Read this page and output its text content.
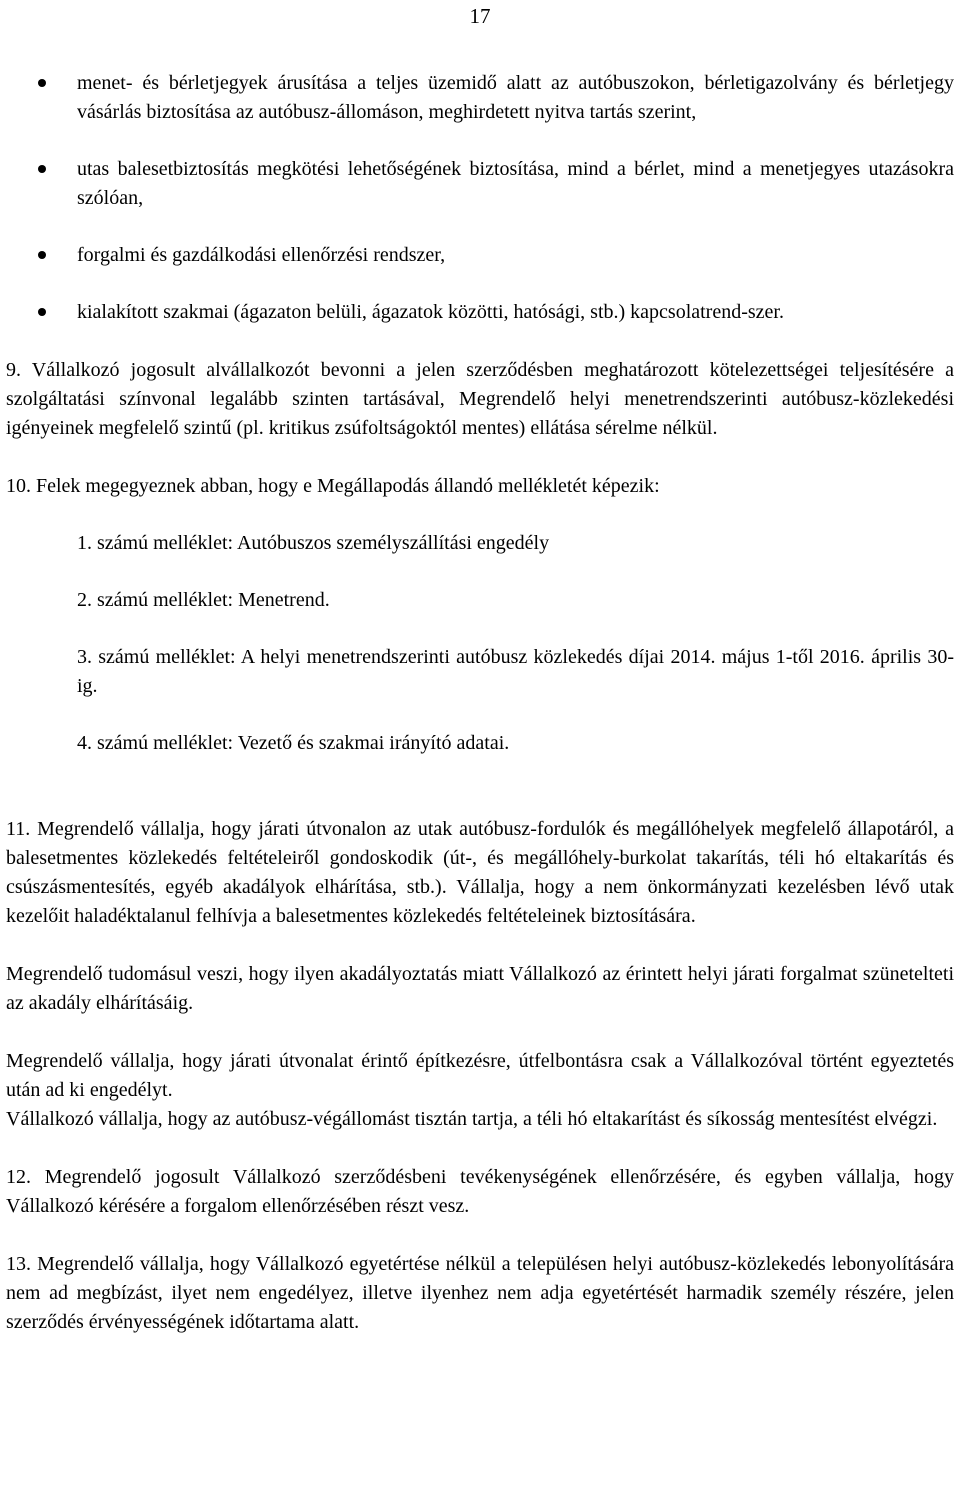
17
menet- és bérletjegyek árusítása a teljes üzemidő alatt az autóbuszokon, bérletigazolvány és bérletjegy vásárlás biztosítása az autóbusz-állomáson, meghirdetett nyitva tartás szerint,
utas balesetbiztosítás megkötési lehetőségének biztosítása, mind a bérlet, mind a menetjegyes utazásokra szólóan,
forgalmi és gazdálkodási ellenőrzési rendszer,
kialakított szakmai (ágazaton belüli, ágazatok közötti, hatósági, stb.) kapcsolatrend-szer.

9. Vállalkozó jogosult alvállalkozót bevonni a jelen szerződésben meghatározott kötelezettségei teljesítésére a szolgáltatási színvonal legalább szinten tartásával, Megrendelő helyi menetrendszerinti autóbusz-közlekedési igényeinek megfelelő szintű (pl. kritikus zsúfoltságoktól mentes) ellátása sérelme nélkül.

10. Felek megegyeznek abban, hogy e Megállapodás állandó mellékletét képezik:

1. számú melléklet: Autóbuszos személyszállítási engedély
2. számú melléklet: Menetrend.
3. számú melléklet: A helyi menetrendszerinti autóbusz közlekedés díjai 2014. május 1-től 2016. április 30-ig.
4. számú melléklet: Vezető és szakmai irányító adatai.

11. Megrendelő vállalja, hogy járati útvonalon az utak autóbusz-fordulók és megállóhelyek megfelelő állapotáról, a balesetmentes közlekedés feltételeiről gondoskodik (út-, és megállóhely-burkolat takarítás, téli hó eltakarítás és csúszásmentesítés, egyéb akadályok elhárítása, stb.). Vállalja, hogy a nem önkormányzati kezelésben lévő utak kezelőit haladéktalanul felhívja a balesetmentes közlekedés feltételeinek biztosítására.

Megrendelő tudomásul veszi, hogy ilyen akadályoztatás miatt Vállalkozó az érintett helyi járati forgalmat szünetelteti az akadály elhárításáig.

Megrendelő vállalja, hogy járati útvonalat érintő építkezésre, útfelbontásra csak a Vállalkozóval történt egyeztetés után ad ki engedélyt.

Vállalkozó vállalja, hogy az autóbusz-végállomást tisztán tartja, a téli hó eltakarítást és síkosság mentesítést elvégzi.

12. Megrendelő jogosult Vállalkozó szerződésbeni tevékenységének ellenőrzésére, és egyben vállalja, hogy Vállalkozó kérésére a forgalom ellenőrzésében részt vesz.

13. Megrendelő vállalja, hogy Vállalkozó egyetértése nélkül a településen helyi autóbusz-közlekedés lebonyolítására nem ad megbízást, ilyet nem engedélyez, illetve ilyenhez nem adja egyetértését harmadik személy részére, jelen szerződés érvényességének időtartama alatt.
